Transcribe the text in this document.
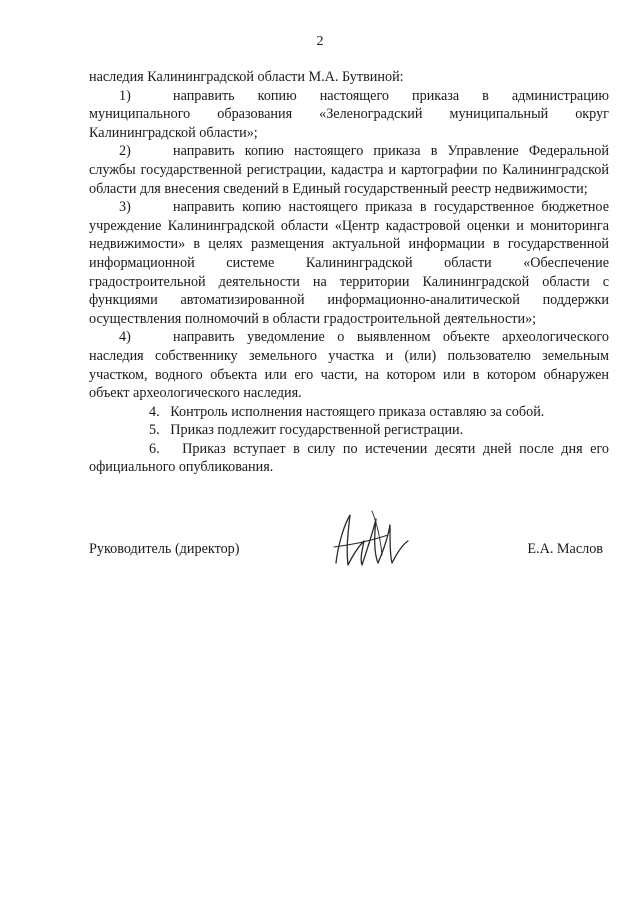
2

наследия Калининградской области М.А. Бутвиной:

1)	направить копию настоящего приказа в администрацию муниципального образования «Зеленоградский муниципальный округ Калининградской области»;

2)	направить копию настоящего приказа в Управление Федеральной службы государственной регистрации, кадастра и картографии по Калининградской области для внесения сведений в Единый государственный реестр недвижимости;

3)	направить копию настоящего приказа в государственное бюджетное учреждение Калининградской области «Центр кадастровой оценки и мониторинга недвижимости» в целях размещения актуальной информации в государственной информационной системе Калининградской области «Обеспечение градостроительной деятельности на территории Калининградской области с функциями автоматизированной информационно-аналитической поддержки осуществления полномочий в области градостроительной деятельности»;

4)	направить уведомление о выявленном объекте археологического наследия собственнику земельного участка и (или) пользователю земельным участком, водного объекта или его части, на котором или в котором обнаружен объект археологического наследия.

4.   Контроль исполнения настоящего приказа оставляю за собой.

5.   Приказ подлежит государственной регистрации.

6.   Приказ вступает в силу по истечении десяти дней после дня его официального опубликования.

Руководитель (директор)	Е.А. Маслов
